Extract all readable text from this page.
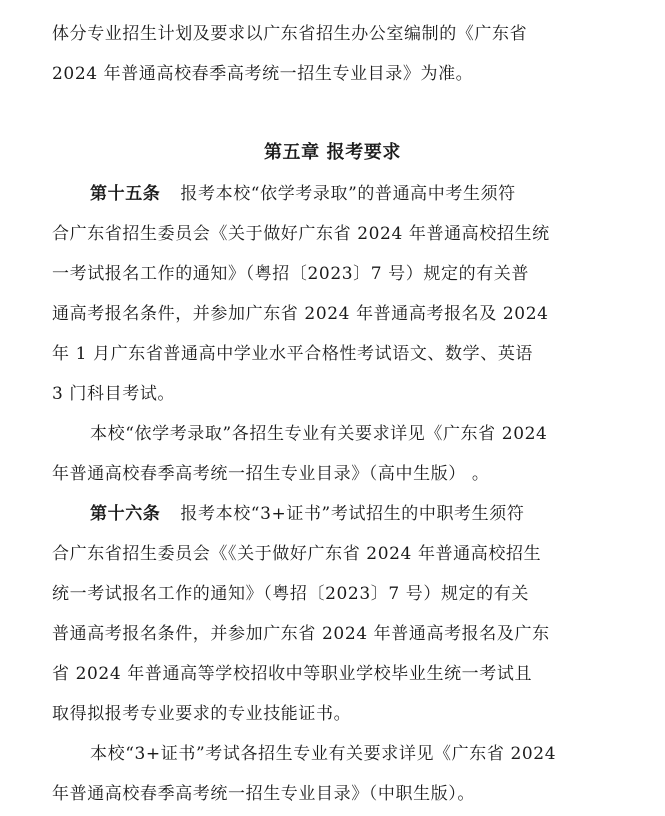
体分专业招生计划及要求以广东省招生办公室编制的《广东省
2024 年普通高校春季高考统一招生专业目录》为准。
第五章 报考要求
第十五条 报考本校“依学考录取”的普通高中考生须符
合广东省招生委员会《关于做好广东省 2024 年普通高校招生统
一考试报名工作的通知》（粤招〔2023〕7 号）规定的有关普
通高考报名条件，并参加广东省 2024 年普通高考报名及 2024
年 1 月广东省普通高中学业水平合格性考试语文、数学、英语
3 门科目考试。
本校“依学考录取”各招生专业有关要求详见《广东省 2024
年普通高校春季高考统一招生专业目录》（高中生版） 。
第十六条 报考本校“3+证书”考试招生的中职考生须符
合广东省招生委员会《《关于做好广东省 2024 年普通高校招生
统一考试报名工作的通知》（粤招〔2023〕7 号）规定的有关
普通高考报名条件，并参加广东省 2024 年普通高考报名及广东
省 2024 年普通高等学校招收中等职业学校毕业生统一考试且
取得拟报考专业要求的专业技能证书。
本校“3+证书”考试各招生专业有关要求详见《广东省 2024
年普通高校春季高考统一招生专业目录》（中职生版）。
